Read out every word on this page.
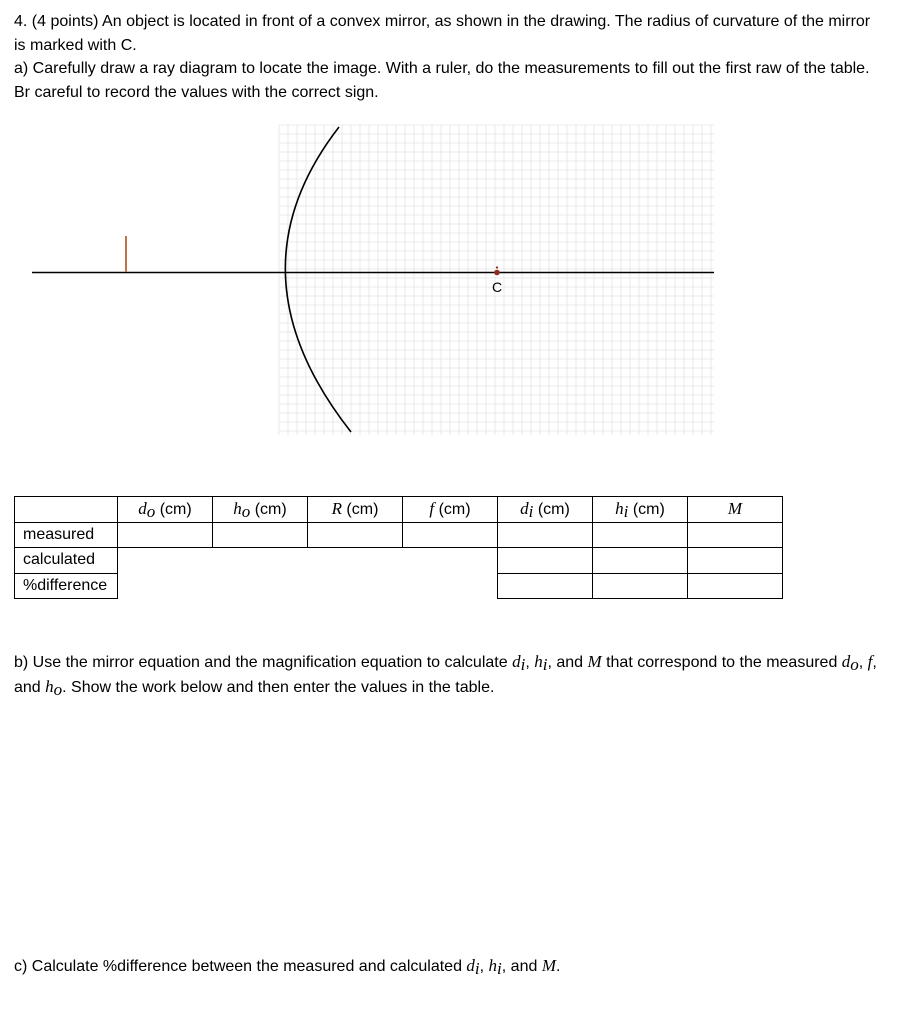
4. (4 points) An object is located in front of a convex mirror, as shown in the drawing. The radius of curvature of the mirror is marked with C.
a) Carefully draw a ray diagram to locate the image. With a ruler, do the measurements to fill out the first raw of the table. Br careful to record the values with the correct sign.
C
	$d_o$ (cm)	$h_o$ (cm)	R (cm)	f (cm)	$d_i$ (cm)	$h_i$ (cm)	M
measured							
calculated							
%difference							
b) Use the mirror equation and the magnification equation to calculate $d_i$, $h_i$, and M that correspond to the measured $d_o$, f, and $h_o$. Show the work below and then enter the values in the table.
c) Calculate %difference between the measured and calculated $d_i$, $h_i$, and M.
